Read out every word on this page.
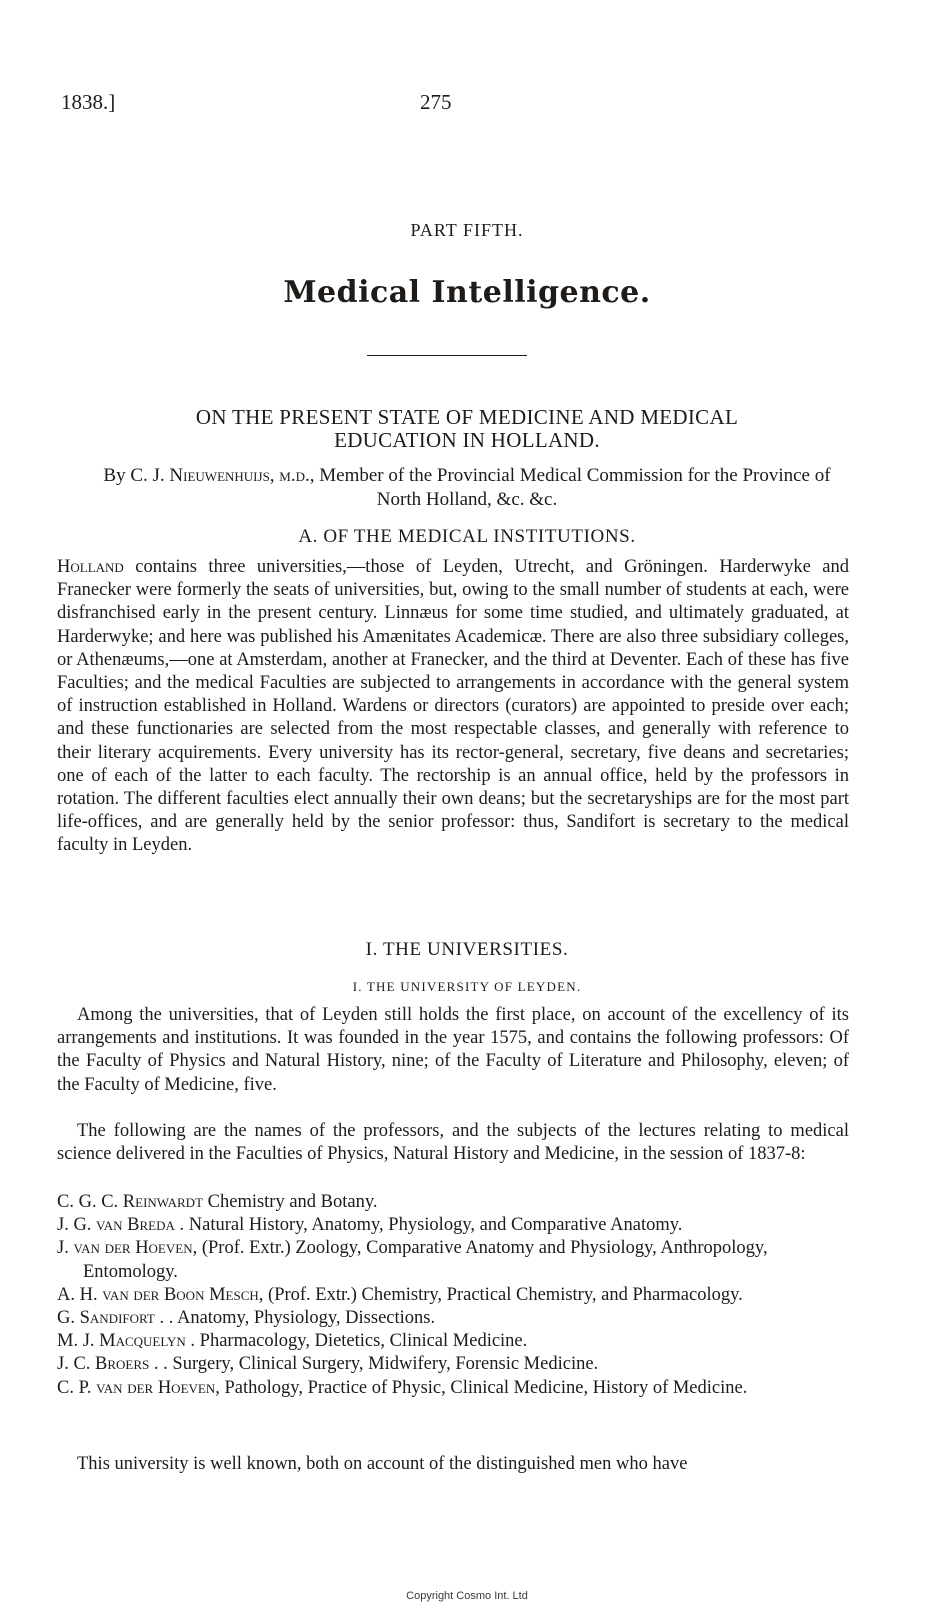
1838.]	275
PART FIFTH.
Medical Intelligence.
ON THE PRESENT STATE OF MEDICINE AND MEDICAL
EDUCATION IN HOLLAND.
By C. J. Nieuwenhuijs, m.d., Member of the Provincial Medical Commission for the Province of North Holland, &c. &c.
A. OF THE MEDICAL INSTITUTIONS.
Holland contains three universities,—those of Leyden, Utrecht, and Gröningen. Harderwyke and Franecker were formerly the seats of universities, but, owing to the small number of students at each, were disfranchised early in the present century. Linnæus for some time studied, and ultimately graduated, at Harderwyke; and here was published his Amænitates Academicæ. There are also three subsidiary colleges, or Athenæums,—one at Amsterdam, another at Franecker, and the third at Deventer. Each of these has five Faculties; and the medical Faculties are subjected to arrangements in accordance with the general system of instruction established in Holland. Wardens or directors (curators) are appointed to preside over each; and these functionaries are selected from the most respectable classes, and generally with reference to their literary acquirements. Every university has its rector-general, secretary, five deans and secretaries; one of each of the latter to each faculty. The rectorship is an annual office, held by the professors in rotation. The different faculties elect annually their own deans; but the secretaryships are for the most part life-offices, and are generally held by the senior professor: thus, Sandifort is secretary to the medical faculty in Leyden.
I. THE UNIVERSITIES.
I. THE UNIVERSITY OF LEYDEN.
Among the universities, that of Leyden still holds the first place, on account of the excellency of its arrangements and institutions. It was founded in the year 1575, and contains the following professors: Of the Faculty of Physics and Natural History, nine; of the Faculty of Literature and Philosophy, eleven; of the Faculty of Medicine, five.
The following are the names of the professors, and the subjects of the lectures relating to medical science delivered in the Faculties of Physics, Natural History and Medicine, in the session of 1837-8:
C. G. C. Reinwardt Chemistry and Botany.
J. G. van Breda . Natural History, Anatomy, Physiology, and Comparative Anatomy.
J. van der Hoeven, (Prof. Extr.) Zoology, Comparative Anatomy and Physiology, Anthropology, Entomology.
A. H. van der Boon Mesch, (Prof. Extr.) Chemistry, Practical Chemistry, and Pharmacology.
G. Sandifort . . Anatomy, Physiology, Dissections.
M. J. Macquelyn . Pharmacology, Dietetics, Clinical Medicine.
J. C. Broers . . Surgery, Clinical Surgery, Midwifery, Forensic Medicine.
C. P. van der Hoeven, Pathology, Practice of Physic, Clinical Medicine, History of Medicine.
This university is well known, both on account of the distinguished men who have
Copyright Cosmo Int. Ltd
